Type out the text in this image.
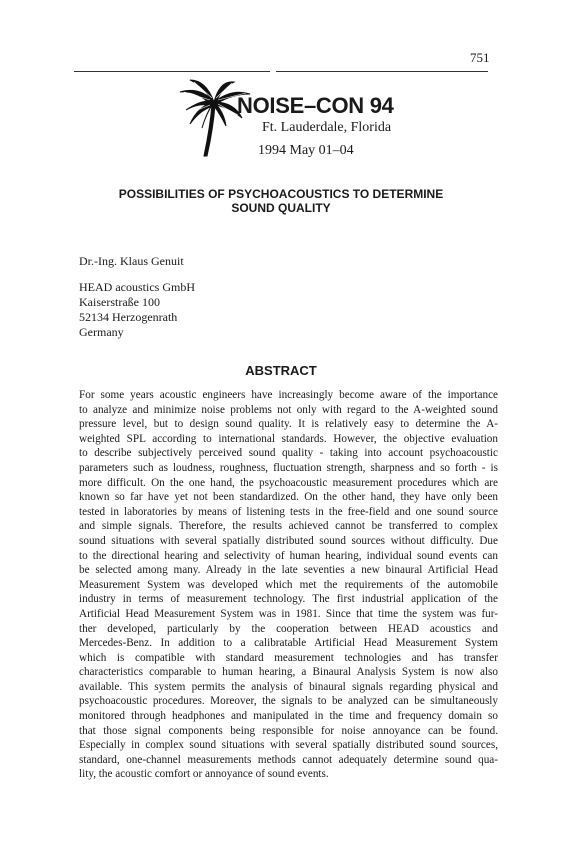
751
NOISE–CON 94
Ft. Lauderdale, Florida
1994 May 01–04
POSSIBILITIES OF PSYCHOACOUSTICS TO DETERMINE
SOUND QUALITY
Dr.-Ing. Klaus Genuit
HEAD acoustics GmbH
Kaiserstraße 100
52134 Herzogenrath
Germany
ABSTRACT
For some years acoustic engineers have increasingly become aware of the importance
to analyze and minimize noise problems not only with regard to the A-weighted sound
pressure level, but to design sound quality. It is relatively easy to determine the A-
weighted SPL according to international standards. However, the objective evaluation
to describe subjectively perceived sound quality - taking into account psychoacoustic
parameters such as loudness, roughness, fluctuation strength, sharpness and so forth - is
more difficult. On the one hand, the psychoacoustic measurement procedures which are
known so far have yet not been standardized. On the other hand, they have only been
tested in laboratories by means of listening tests in the free-field and one sound source
and simple signals. Therefore, the results achieved cannot be transferred to complex
sound situations with several spatially distributed sound sources without difficulty. Due
to the directional hearing and selectivity of human hearing, individual sound events can
be selected among many. Already in the late seventies a new binaural Artificial Head
Measurement System was developed which met the requirements of the automobile
industry in terms of measurement technology. The first industrial application of the
Artificial Head Measurement System was in 1981. Since that time the system was fur-
ther developed, particularly by the cooperation between HEAD acoustics and
Mercedes-Benz. In addition to a calibratable Artificial Head Measurement System
which is compatible with standard measurement technologies and has transfer
characteristics comparable to human hearing, a Binaural Analysis System is now also
available. This system permits the analysis of binaural signals regarding physical and
psychoacoustic procedures. Moreover, the signals to be analyzed can be simultaneously
monitored through headphones and manipulated in the time and frequency domain so
that those signal components being responsible for noise annoyance can be found.
Especially in complex sound situations with several spatially distributed sound sources,
standard, one-channel measurements methods cannot adequately determine sound qua-
lity, the acoustic comfort or annoyance of sound events.
